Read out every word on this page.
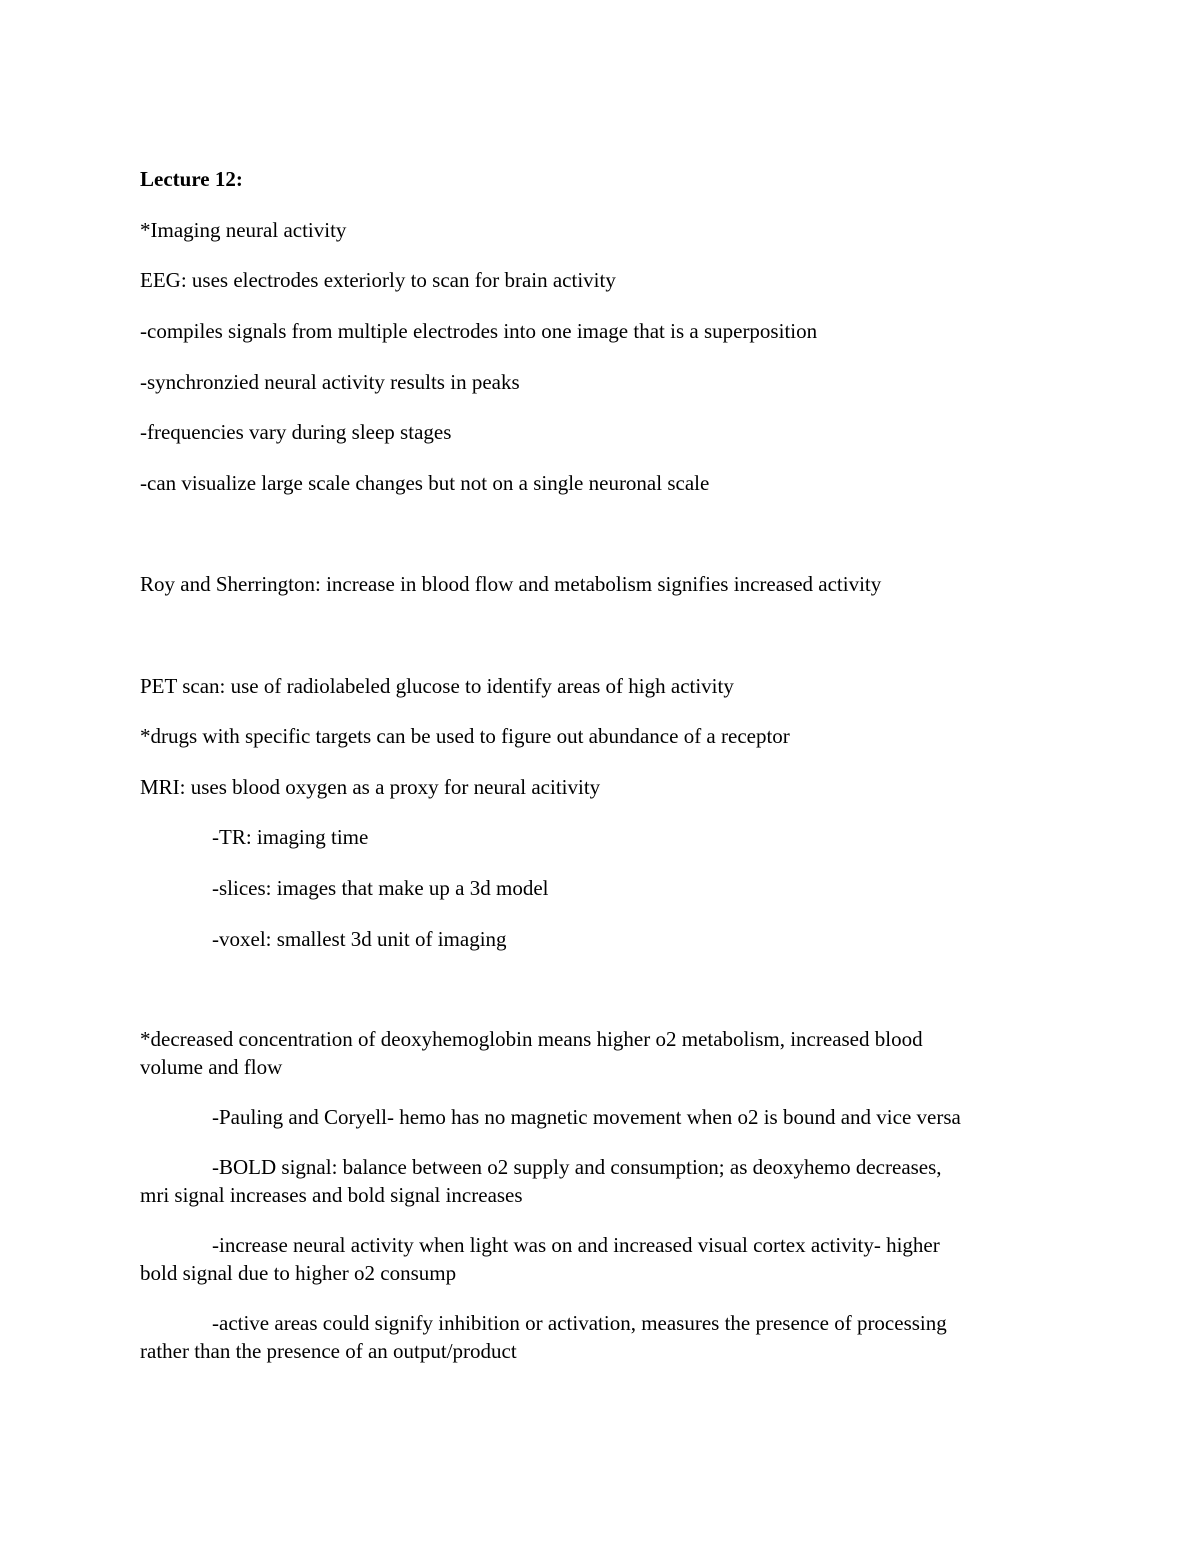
Lecture 12:
*Imaging neural activity
EEG: uses electrodes exteriorly to scan for brain activity
-compiles signals from multiple electrodes into one image that is a superposition
-synchronzied neural activity results in peaks
-frequencies vary during sleep stages
-can visualize large scale changes but not on a single neuronal scale
Roy and Sherrington: increase in blood flow and metabolism signifies increased activity
PET scan: use of radiolabeled glucose to identify areas of high activity
*drugs with specific targets can be used to figure out abundance of a receptor
MRI: uses blood oxygen as a proxy for neural acitivity
-TR: imaging time
-slices: images that make up a 3d model
-voxel: smallest 3d unit of imaging
*decreased concentration of deoxyhemoglobin means higher o2 metabolism, increased blood
volume and flow
-Pauling and Coryell- hemo has no magnetic movement when o2 is bound and vice versa
-BOLD signal: balance between o2 supply and consumption; as deoxyhemo decreases,
mri signal increases and bold signal increases
-increase neural activity when light was on and increased visual cortex activity- higher
bold signal due to higher o2 consump
-active areas could signify inhibition or activation, measures the presence of processing
rather than the presence of an output/product
